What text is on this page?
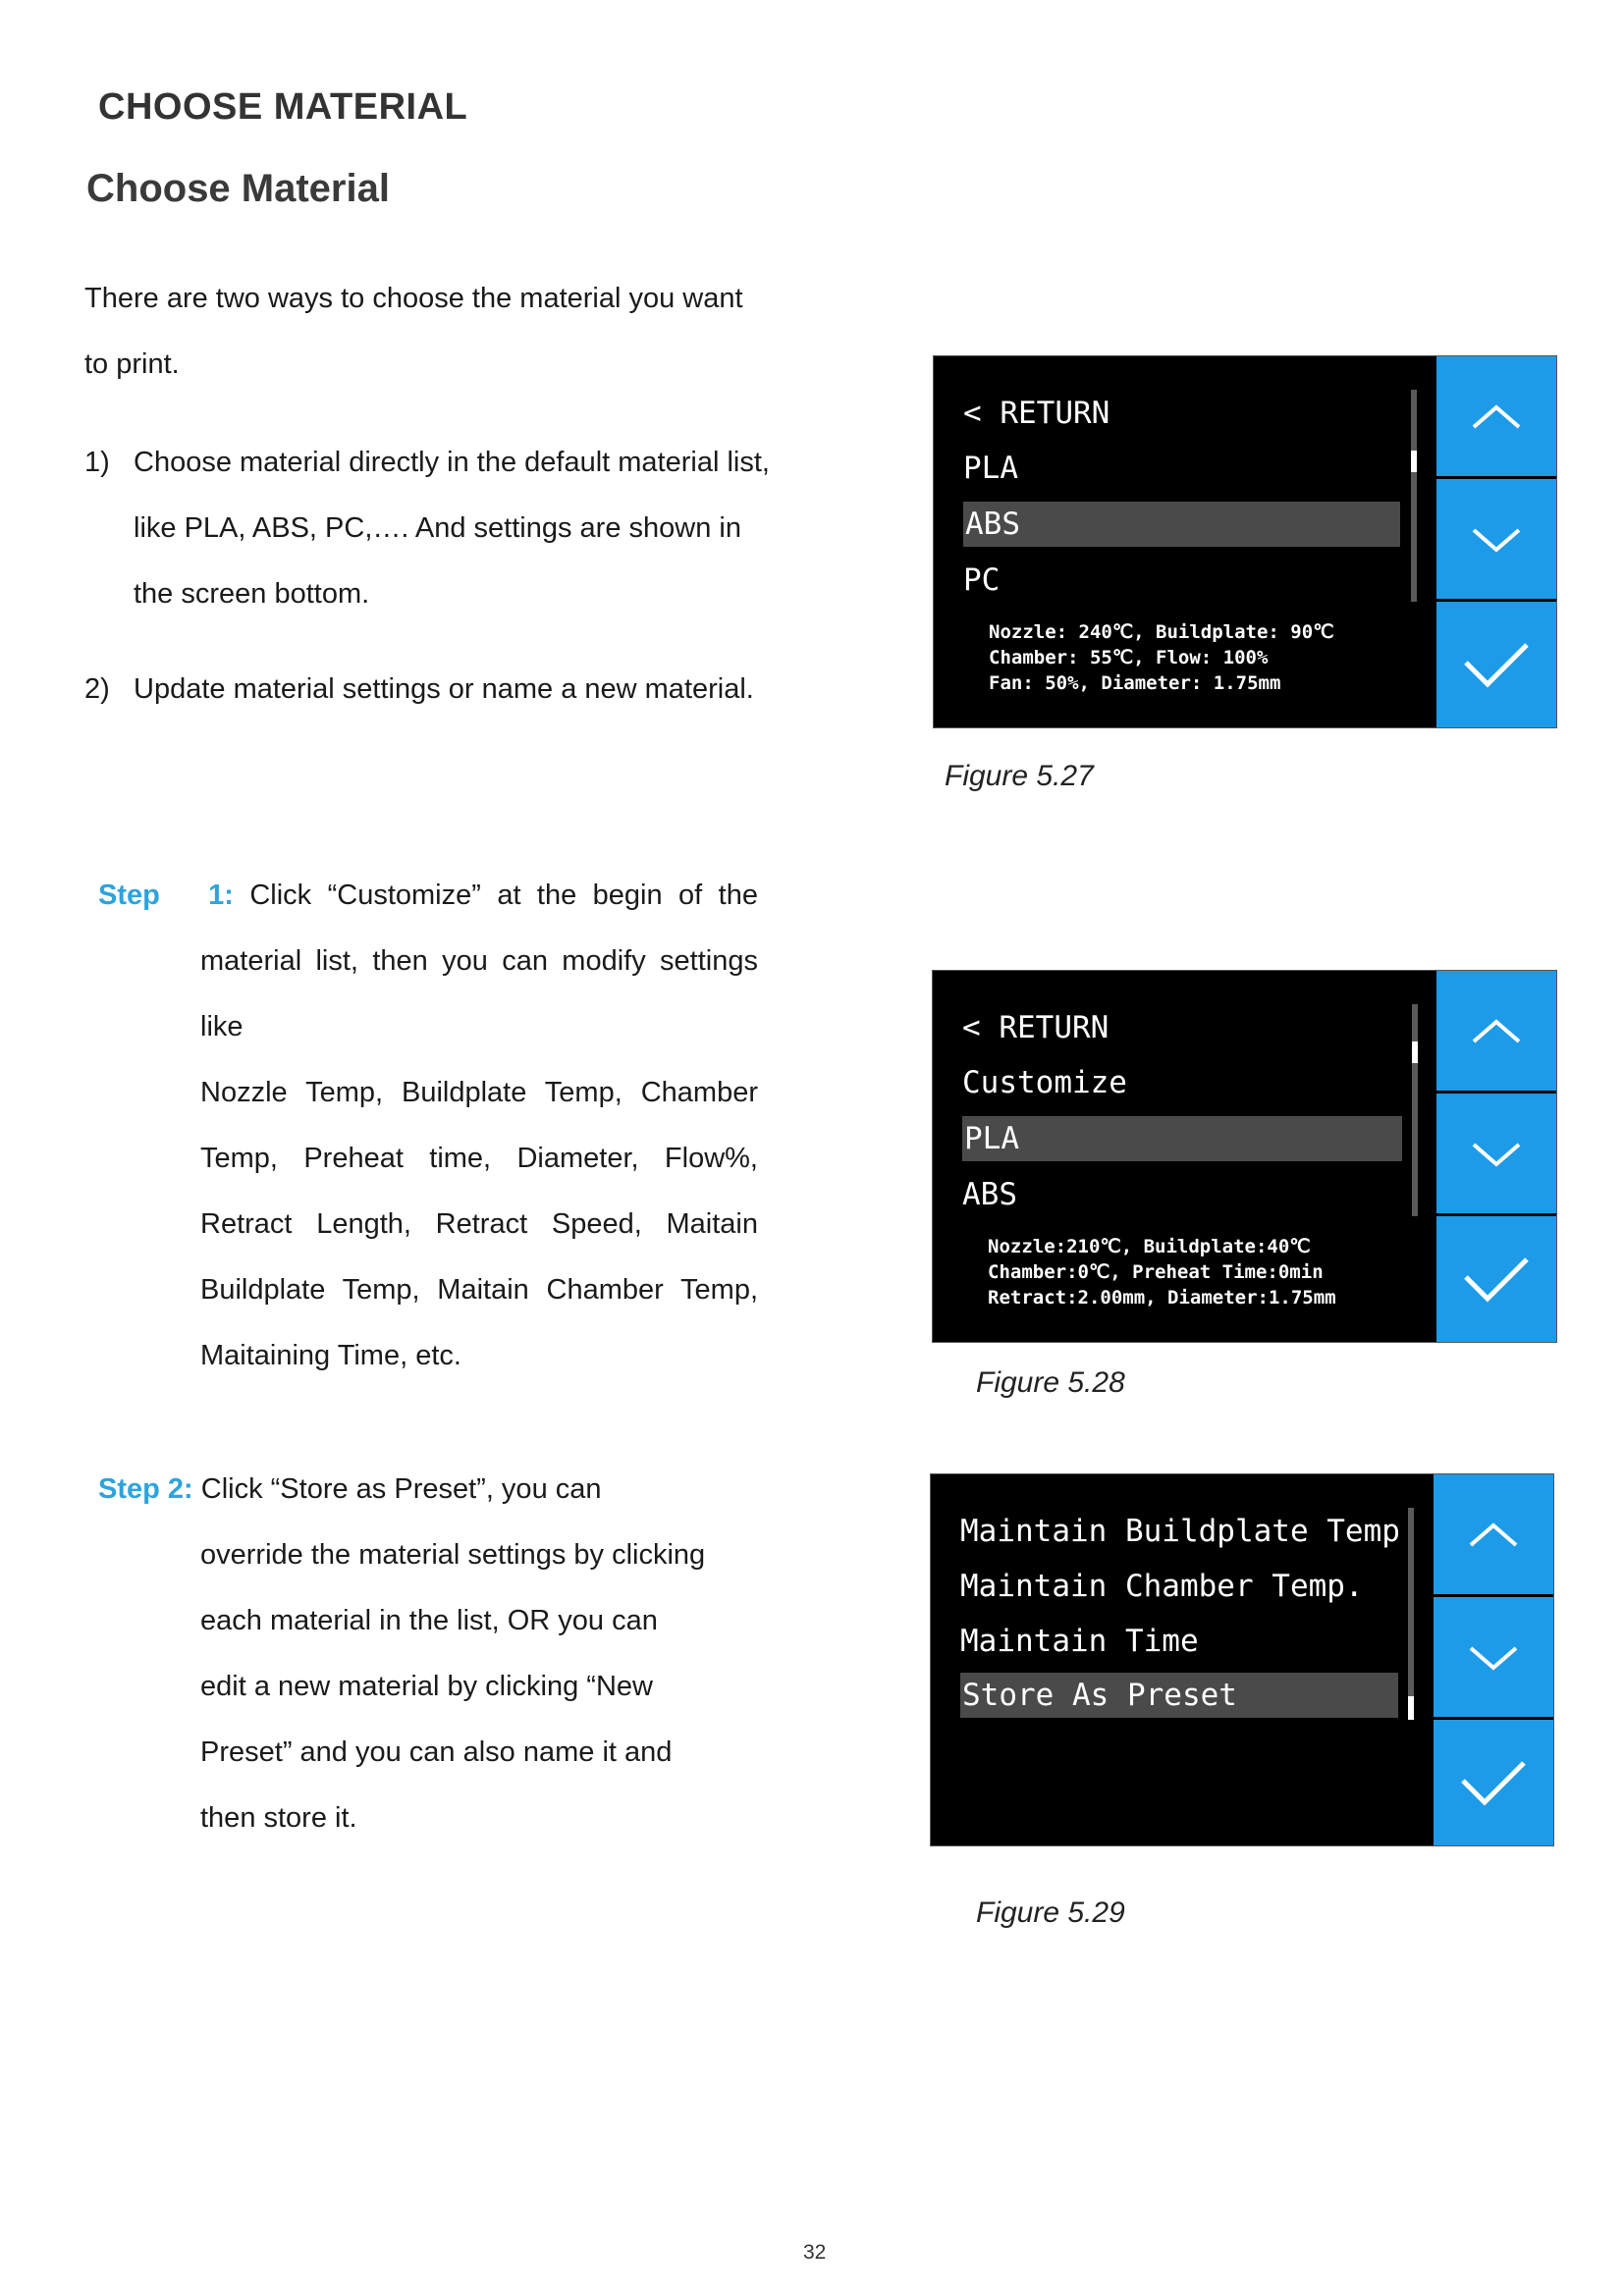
CHOOSE MATERIAL
Choose Material
There are two ways to choose the material you want
to print.
1) Choose material directly in the default material list,
like PLA, ABS, PC,…. And settings are shown in
the screen bottom.
2) Update material settings or name a new material.
Step   1: Click “Customize” at the begin of the
material list, then you can modify settings like
Nozzle Temp, Buildplate Temp, Chamber
Temp, Preheat time, Diameter, Flow%,
Retract Length, Retract Speed, Maitain
Buildplate Temp, Maitain Chamber Temp,
Maitaining Time, etc.
Step 2: Click “Store as Preset”, you can
override the material settings by clicking
each material in the list, OR you can
edit a new material by clicking “New
Preset” and you can also name it and
then store it.
< RETURN
PLA
ABS
PC
Nozzle: 240℃, Buildplate: 90℃
Chamber: 55℃, Flow: 100%
Fan: 50%, Diameter: 1.75mm
Figure 5.27
< RETURN
Customize
PLA
ABS
Nozzle:210℃, Buildplate:40℃
Chamber:0℃, Preheat Time:0min
Retract:2.00mm, Diameter:1.75mm
Figure 5.28
Maintain Buildplate Temp
Maintain Chamber Temp.
Maintain Time
Store As Preset
Figure 5.29
32
